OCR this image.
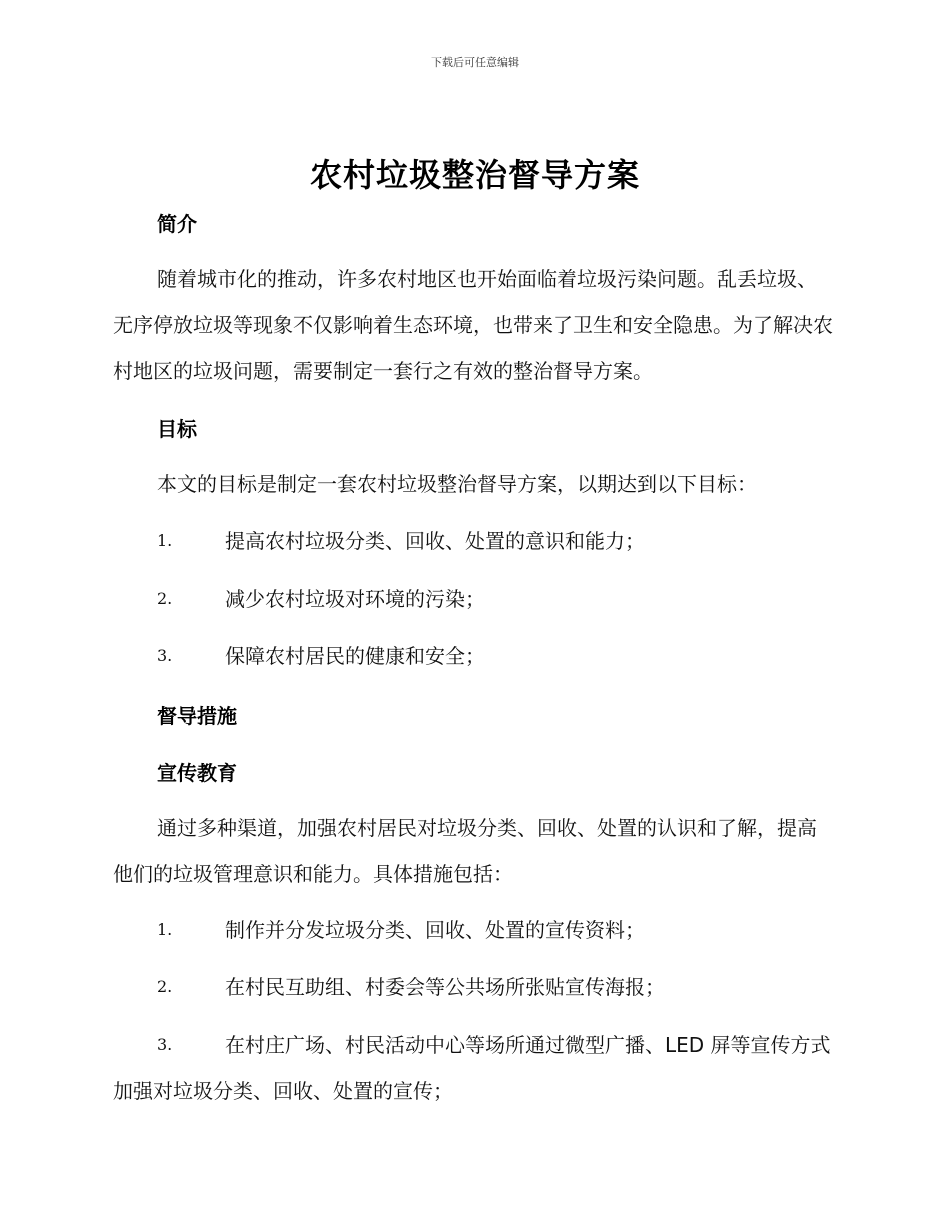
下载后可任意编辑
农村垃圾整治督导方案
简介
随着城市化的推动，许多农村地区也开始面临着垃圾污染问题。乱丢垃圾、无序停放垃圾等现象不仅影响着生态环境，也带来了卫生和安全隐患。为了解决农村地区的垃圾问题，需要制定一套行之有效的整治督导方案。
目标
本文的目标是制定一套农村垃圾整治督导方案，以期达到以下目标：
1.	提高农村垃圾分类、回收、处置的意识和能力；
2.	减少农村垃圾对环境的污染；
3.	保障农村居民的健康和安全；
督导措施
宣传教育
通过多种渠道，加强农村居民对垃圾分类、回收、处置的认识和了解，提高他们的垃圾管理意识和能力。具体措施包括：
1.	制作并分发垃圾分类、回收、处置的宣传资料；
2.	在村民互助组、村委会等公共场所张贴宣传海报；
3.	在村庄广场、村民活动中心等场所通过微型广播、LED 屏等宣传方式加强对垃圾分类、回收、处置的宣传；
